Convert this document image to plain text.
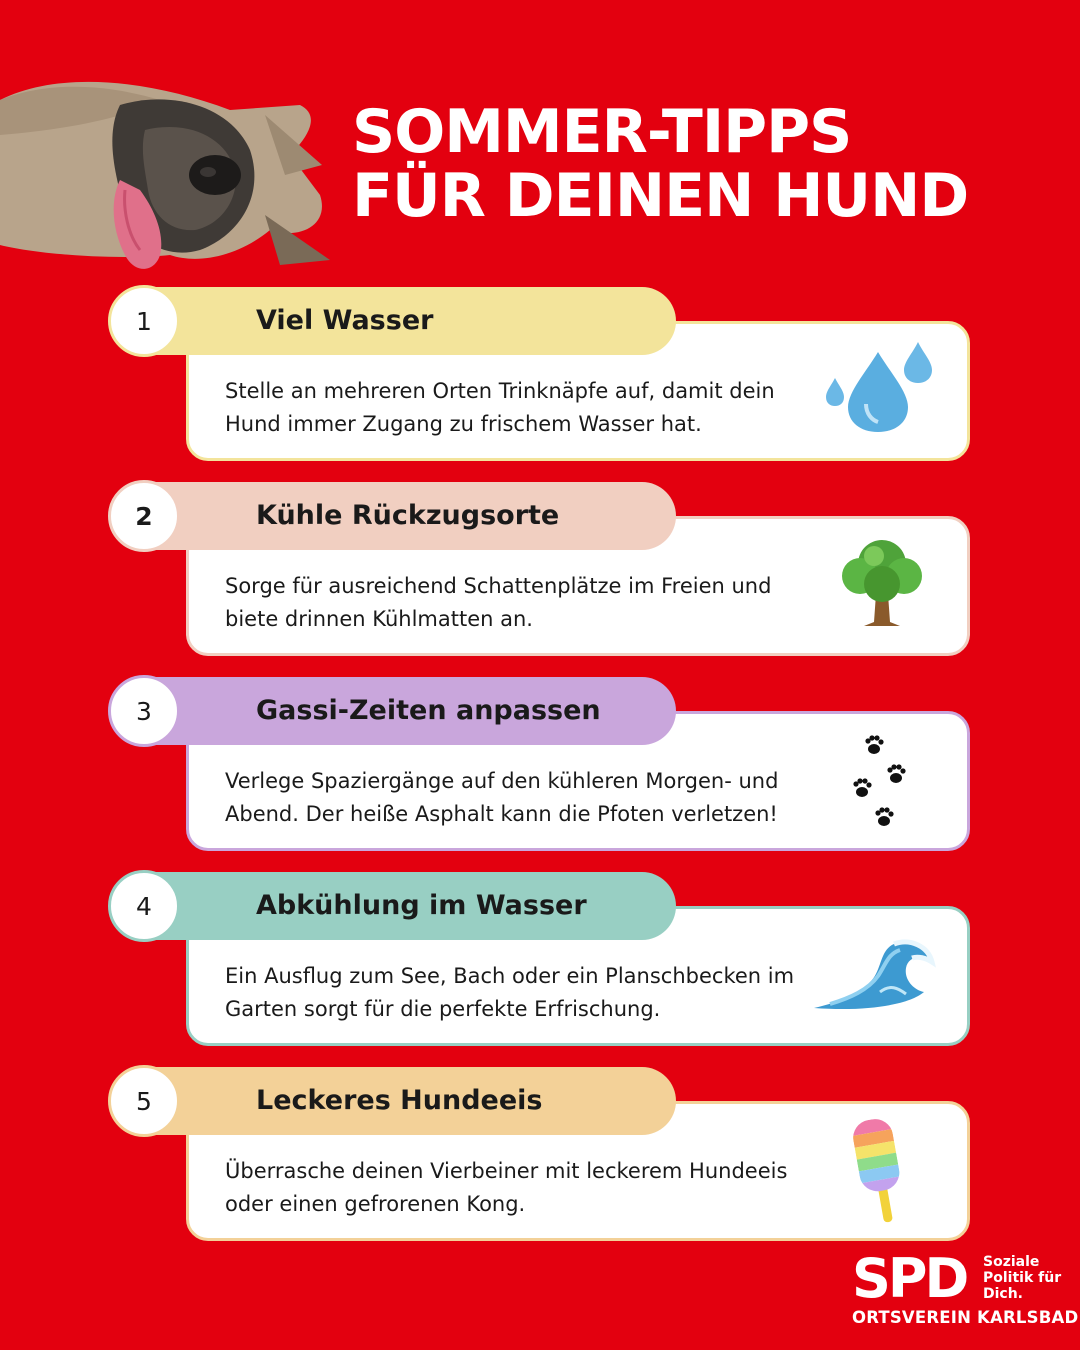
SOMMER-TIPPS
FÜR DEINEN HUND
Viel Wasser
1

Stelle an mehreren Orten Trinknäpfe auf, damit dein Hund immer Zugang zu frischem Wasser hat.

Kühle Rückzugsorte
2

Sorge für ausreichend Schattenplätze im Freien und biete drinnen Kühlmatten an.

Gassi-Zeiten anpassen
3

Verlege Spaziergänge auf den kühleren Morgen- und Abend. Der heiße Asphalt kann die Pfoten verletzen!

Abkühlung im Wasser
4

Ein Ausflug zum See, Bach oder ein Planschbecken im Garten sorgt für die perfekte Erfrischung.

Leckeres Hundeeis
5

Überrasche deinen Vierbeiner mit leckerem Hundeeis oder einen gefrorenen Kong.

SPD Soziale
Politik für
Dich.
ORTSVEREIN KARLSBAD
